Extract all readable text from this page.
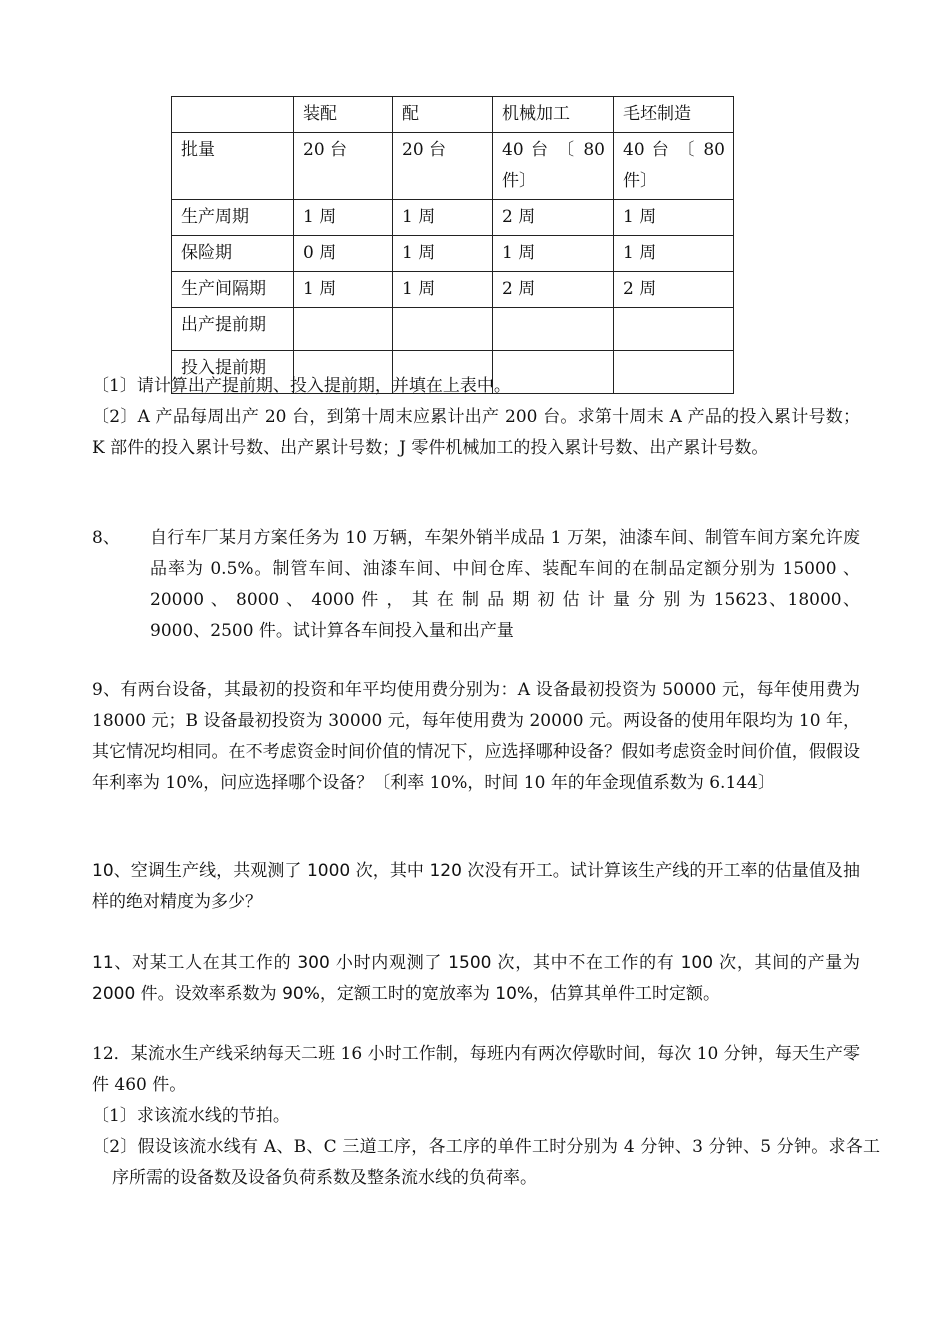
	装配	配	机械加工	毛坯制造
批量	20 台	20 台	40 台 〔 80 件〕	40 台 〔 80 件〕
生产周期	1 周	1 周	2 周	1 周
保险期	0 周	1 周	1 周	1 周
生产间隔期	1 周	1 周	2 周	2 周
出产提前期				
投入提前期				

〔1〕请计算出产提前期、投入提前期，并填在上表中。

〔2〕A 产品每周出产 20 台，到第十周末应累计出产 200 台。求第十周末 A 产品的投入累计号数；K 部件的投入累计号数、出产累计号数；J 零件机械加工的投入累计号数、出产累计号数。

8、 自行车厂某月方案任务为 10 万辆，车架外销半成品 1 万架，油漆车间、制管车间方案允许废品率为 0.5%。制管车间、油漆车间、中间仓库、装配车间的在制品定额分别为 15000 、 20000 、 8000 、 4000 件 ， 其 在 制 品 期 初 估 计 量 分 别 为 15623、18000、9000、2500 件。试计算各车间投入量和出产量

9、有两台设备，其最初的投资和年平均使用费分别为：A 设备最初投资为 50000 元，每年使用费为 18000 元；B 设备最初投资为 30000 元，每年使用费为 20000 元。两设备的使用年限均为 10 年，其它情况均相同。在不考虑资金时间价值的情况下，应选择哪种设备？假如考虑资金时间价值，假假设年利率为 10%，问应选择哪个设备？〔利率 10%，时间 10 年的年金现值系数为 6.144〕

10、空调生产线，共观测了 1000 次，其中 120 次没有开工。试计算该生产线的开工率的估量值及抽样的绝对精度为多少？

11、对某工人在其工作的 300 小时内观测了 1500 次，其中不在工作的有 100 次，其间的产量为 2000 件。设效率系数为 90%，定额工时的宽放率为 10%，估算其单件工时定额。

12．某流水生产线采纳每天二班 16 小时工作制，每班内有两次停歇时间，每次 10 分钟，每天生产零件 460 件。

〔1〕求该流水线的节拍。

〔2〕假设该流水线有 A、B、C 三道工序，各工序的单件工时分别为 4 分钟、3 分钟、5 分钟。求各工序所需的设备数及设备负荷系数及整条流水线的负荷率。
